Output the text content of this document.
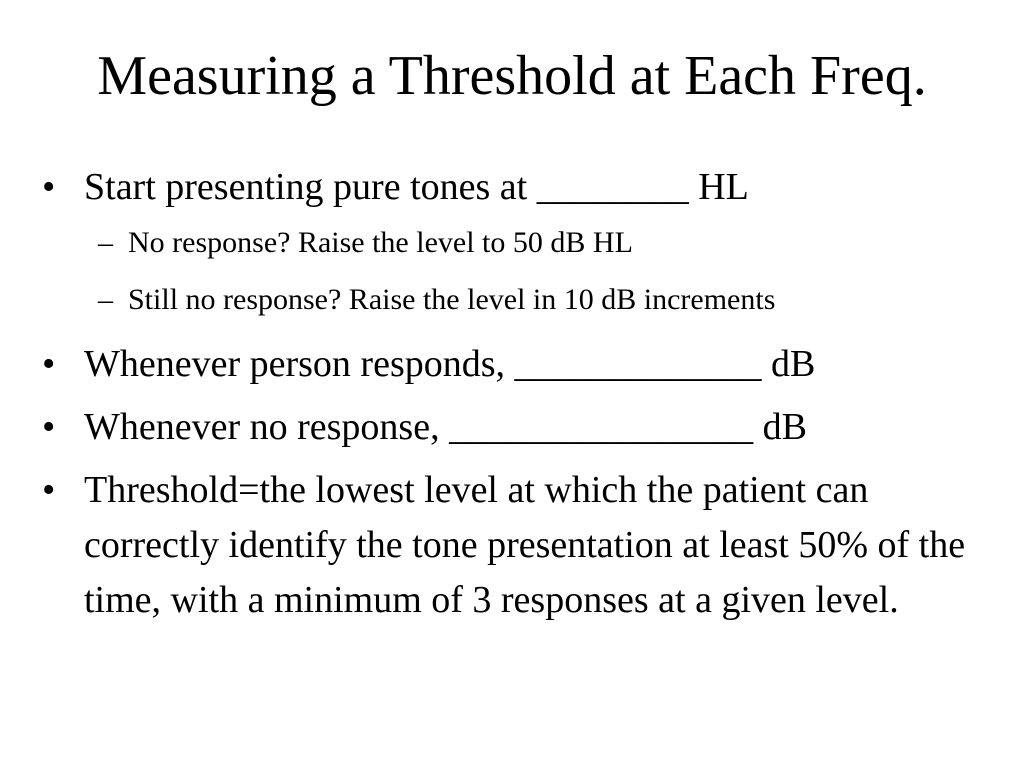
Measuring a Threshold at Each Freq.
• Start presenting pure tones at ________ HL
– No response? Raise the level to 50 dB HL
– Still no response? Raise the level in 10 dB increments
• Whenever person responds, _____________ dB
• Whenever no response, ________________ dB
• Threshold=the lowest level at which the patient can correctly identify the tone presentation at least 50% of the time, with a minimum of 3 responses at a given level.
